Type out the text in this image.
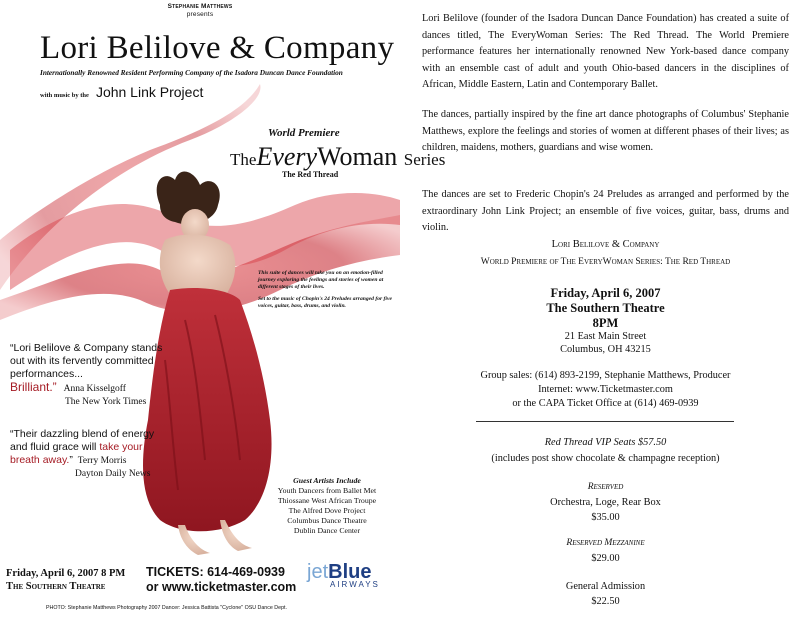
Stephanie Matthews
presents
Lori Belilove & Company
Internationally Renowned Resident Performing Company of the Isadora Duncan Dance Foundation
with music by the John Link Project
World Premiere
TheEveryWoman Series
The Red Thread

This suite of dances will take you on an emotion-filled journey exploring the feelings and stories of women at different stages of their lives.

Set to the music of Chopin's 24 Preludes arranged for five voices, guitar, bass, drums, and violin.

“Lori Belilove & Company stands out with its fervently committed performances...
Brilliant.” Anna Kisselgoff
The New York Times
“Their dazzling blend of energy and fluid grace will take your breath away.” Terry Morris
Dayton Daily News
Guest Artists Include
Youth Dancers from Ballet Met
Thiossane West African Troupe
The Alfred Dove Project
Columbus Dance Theatre
Dublin Dance Center
Friday, April 6, 2007 8 PM
The Southern Theatre
TICKETS: 614-469-0939
or www.ticketmaster.com
jetBlue
AIRWAYS
PHOTO: Stephanie Matthews Photography 2007 Dancer: Jessica Battista "Cyclone" OSU Dance Dept.

Lori Belilove (founder of the Isadora Duncan Dance Foundation) has created a suite of dances titled, The EveryWoman Series: The Red Thread. The World Premiere performance features her internationally renowned New York-based dance company with an ensemble cast of adult and youth Ohio-based dancers in the disciplines of African, Middle Eastern, Latin and Contemporary Ballet.

The dances, partially inspired by the fine art dance photographs of Columbus' Stephanie Matthews, explore the feelings and stories of women at different phases of their lives; as children, maidens, mothers, guardians and wise women.

The dances are set to Frederic Chopin's 24 Preludes as arranged and performed by the extraordinary John Link Project; an ensemble of five voices, guitar, bass, drums and violin.

Lori Belilove & Company
World Premiere of The EveryWoman Series: The Red Thread
Friday, April 6, 2007
The Southern Theatre
8PM
21 East Main Street
Columbus, OH 43215
Group sales: (614) 893-2199, Stephanie Matthews, Producer
Internet: www.Ticketmaster.com
or the CAPA Ticket Office at (614) 469-0939
Red Thread VIP Seats $57.50
(includes post show chocolate & champagne reception)
Reserved
Orchestra, Loge, Rear Box
$35.00
Reserved Mezzanine
$29.00
General Admission
$22.50
